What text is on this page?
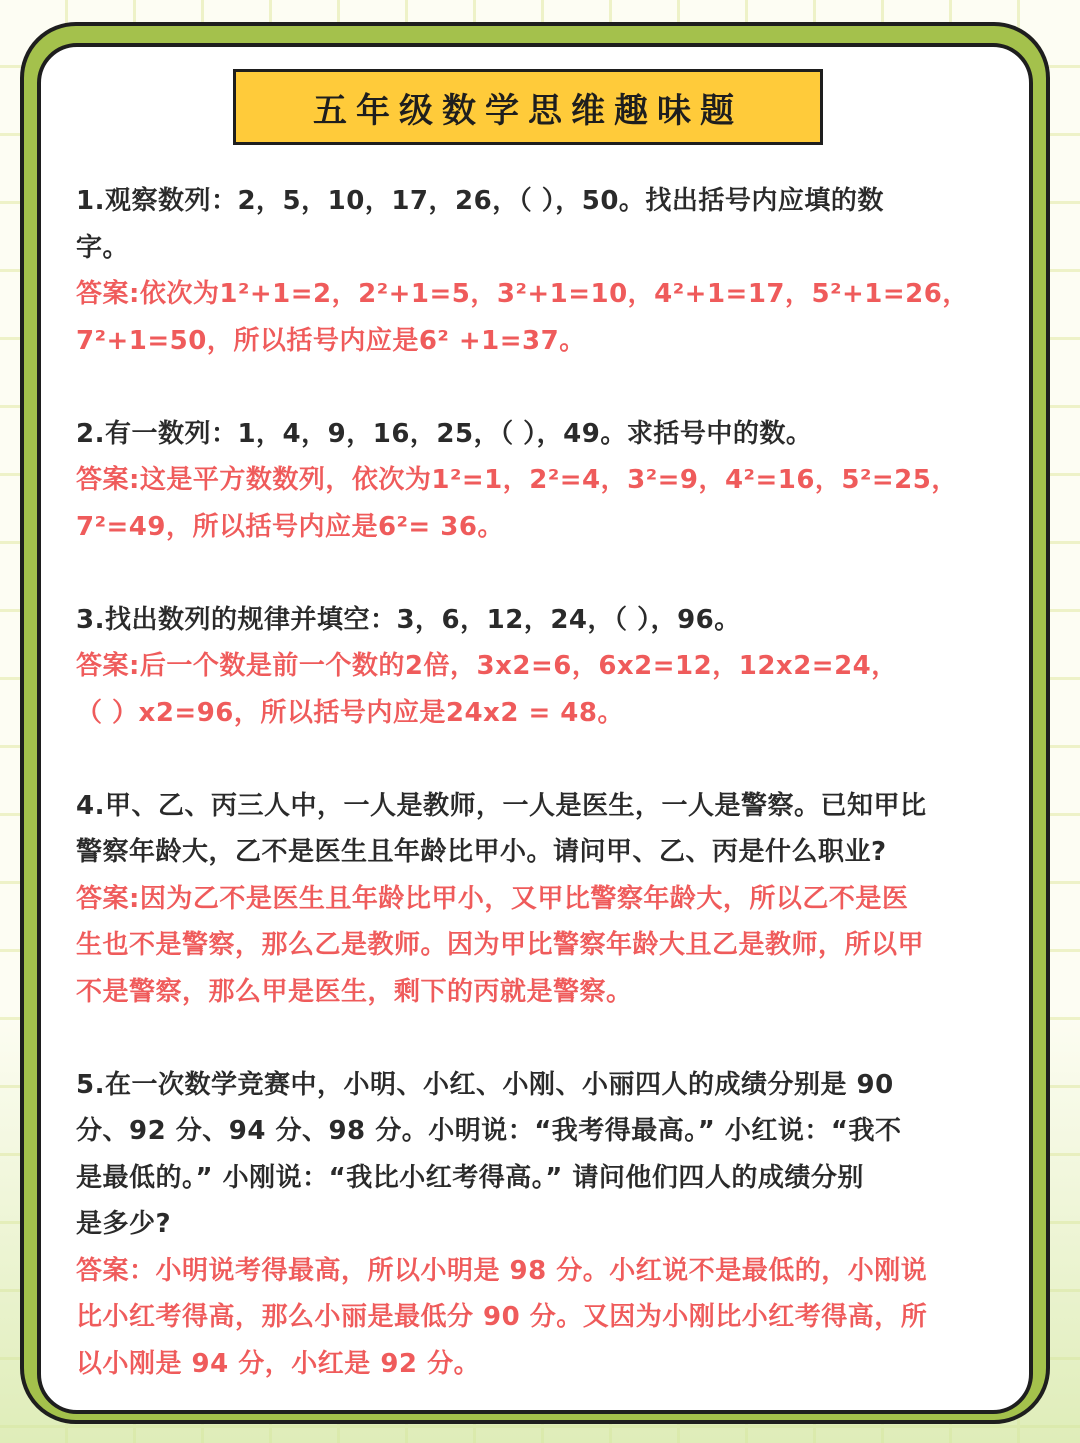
五年级数学思维趣味题
1.观察数列：2，5，10，17，26，（ ），50。找出括号内应填的数
字。
答案:依次为1²+1=2，2²+1=5，3²+1=10，4²+1=17，5²+1=26，
7²+1=50，所以括号内应是6² +1=37。
2.有一数列：1，4，9，16，25，（ ），49。求括号中的数。
答案:这是平方数数列，依次为1²=1，2²=4，3²=9，4²=16，5²=25，
7²=49，所以括号内应是6²= 36。
3.找出数列的规律并填空：3，6，12，24，（ ），96。
答案:后一个数是前一个数的2倍，3x2=6，6x2=12，12x2=24，
（ ）x2=96，所以括号内应是24x2 = 48。
4.甲、乙、丙三人中，一人是教师，一人是医生，一人是警察。已知甲比
警察年龄大，乙不是医生且年龄比甲小。请问甲、乙、丙是什么职业?
答案:因为乙不是医生且年龄比甲小，又甲比警察年龄大，所以乙不是医
生也不是警察，那么乙是教师。因为甲比警察年龄大且乙是教师，所以甲
不是警察，那么甲是医生，剩下的丙就是警察。
5.在一次数学竞赛中，小明、小红、小刚、小丽四人的成绩分别是 90
分、92 分、94 分、98 分。小明说：“我考得最高。” 小红说：“我不
是最低的。” 小刚说：“我比小红考得高。” 请问他们四人的成绩分别
是多少?
答案：小明说考得最高，所以小明是 98 分。小红说不是最低的，小刚说
比小红考得高，那么小丽是最低分 90 分。又因为小刚比小红考得高，所
以小刚是 94 分，小红是 92 分。
